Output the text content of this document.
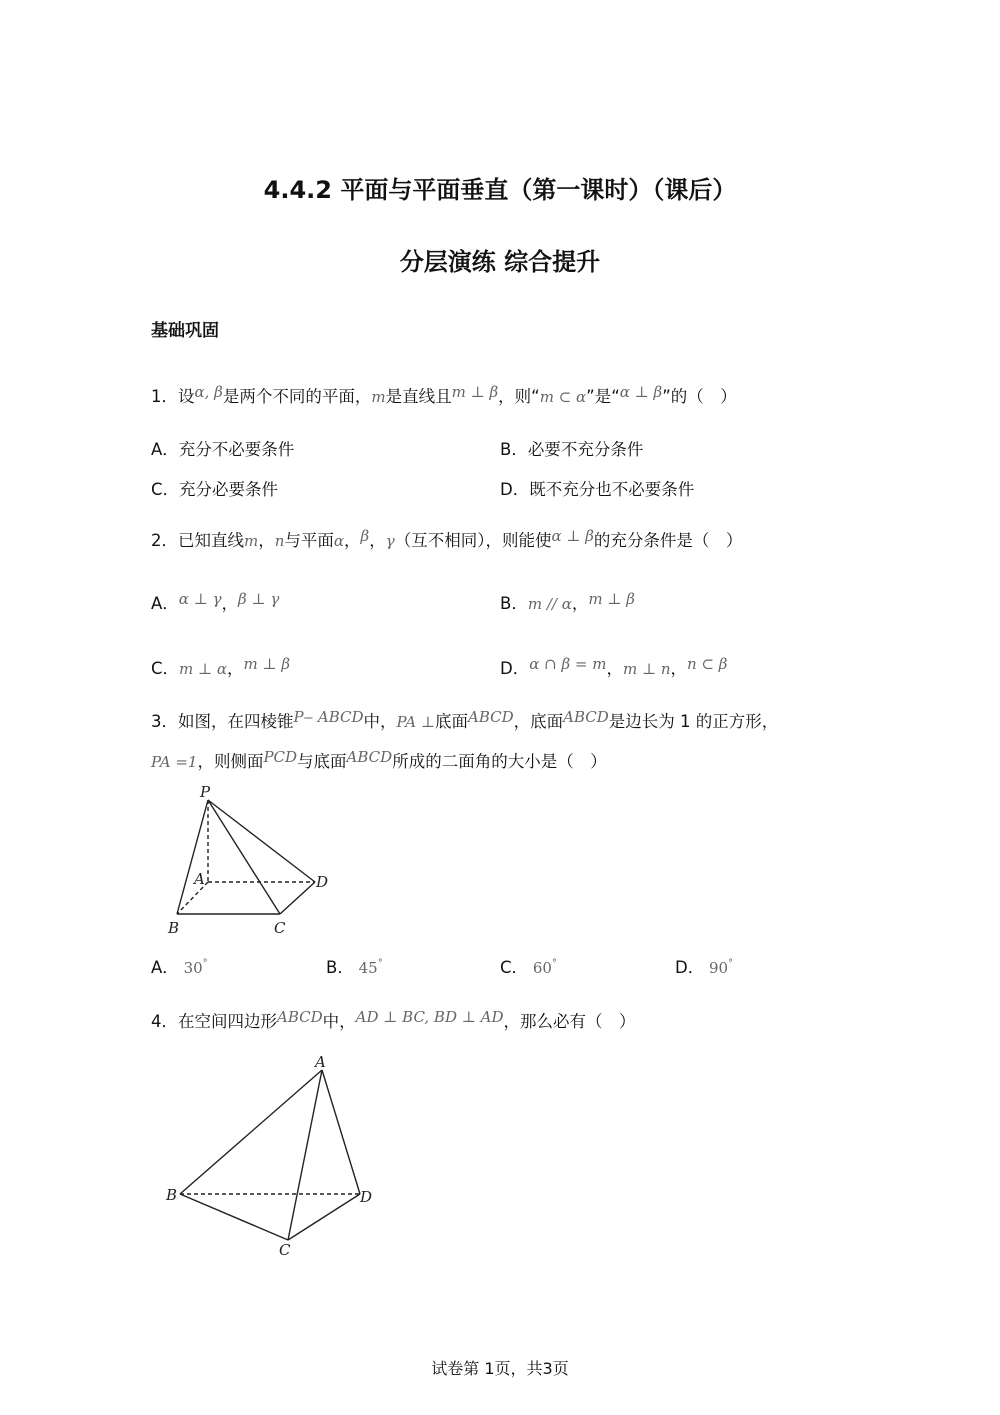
4.4.2 平面与平面垂直（第一课时）（课后）
分层演练 综合提升
基础巩固
1．设α, β是两个不同的平面，m是直线且m ⊥ β，则“m ⊂ α”是“α ⊥ β”的（　）
A．充分不必要条件	B．必要不充分条件
C．充分必要条件	D．既不充分也不必要条件
2．已知直线m，n与平面α，β，γ（互不相同），则能使α ⊥ β的充分条件是（　）
A．α ⊥ γ，β ⊥ γ	B．m // α，m ⊥ β
C．m ⊥ α，m ⊥ β	D．α ∩ β = m，m ⊥ n，n ⊂ β
3．如图，在四棱锥P‒ ABCD中，PA ⊥底面ABCD，底面ABCD是边长为 1 的正方形，
PA =1，则侧面PCD与底面ABCD所成的二面角的大小是（　）
P
A
B	C
D
A． 30°	B． 45°	C． 60°	D． 90°
4．在空间四边形ABCD中，AD ⊥ BC, BD ⊥ AD，那么必有（　）
A
B
C
D
试卷第 1页，共3页
